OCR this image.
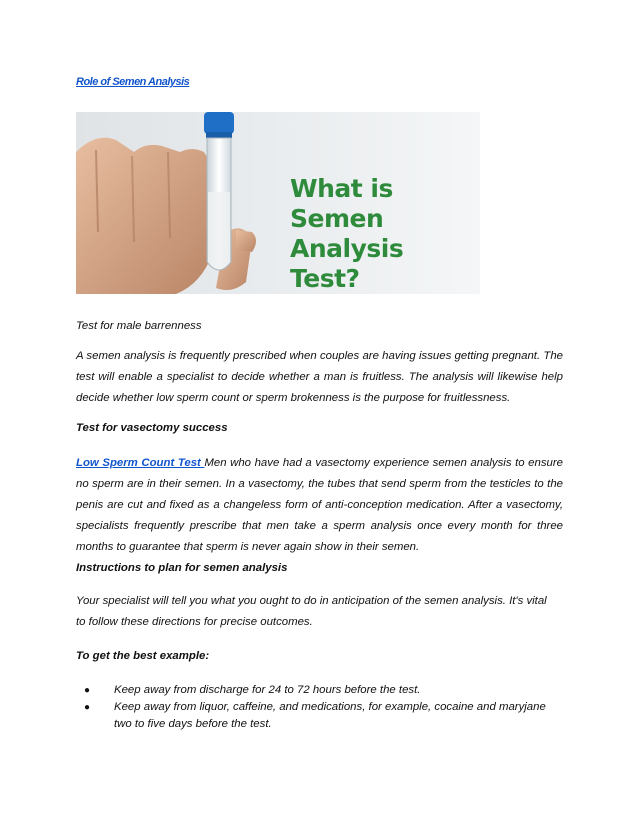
Role of Semen Analysis
What is Semen Analysis Test?
Test for male barrenness
A semen analysis is frequently prescribed when couples are having issues getting pregnant. The test will enable a specialist to decide whether a man is fruitless. The analysis will likewise help decide whether low sperm count or sperm brokenness is the purpose for fruitlessness.
Test for vasectomy success
Low Sperm Count Test Men who have had a vasectomy experience semen analysis to ensure no sperm are in their semen. In a vasectomy, the tubes that send sperm from the testicles to the penis are cut and fixed as a changeless form of anti-conception medication. After a vasectomy, specialists frequently prescribe that men take a sperm analysis once every month for three months to guarantee that sperm is never again show in their semen.
Instructions to plan for semen analysis
Your specialist will tell you what you ought to do in anticipation of the semen analysis. It's vital to follow these directions for precise outcomes.
To get the best example:
● Keep away from discharge for 24 to 72 hours before the test.
● Keep away from liquor, caffeine, and medications, for example, cocaine and maryjane two to five days before the test.
